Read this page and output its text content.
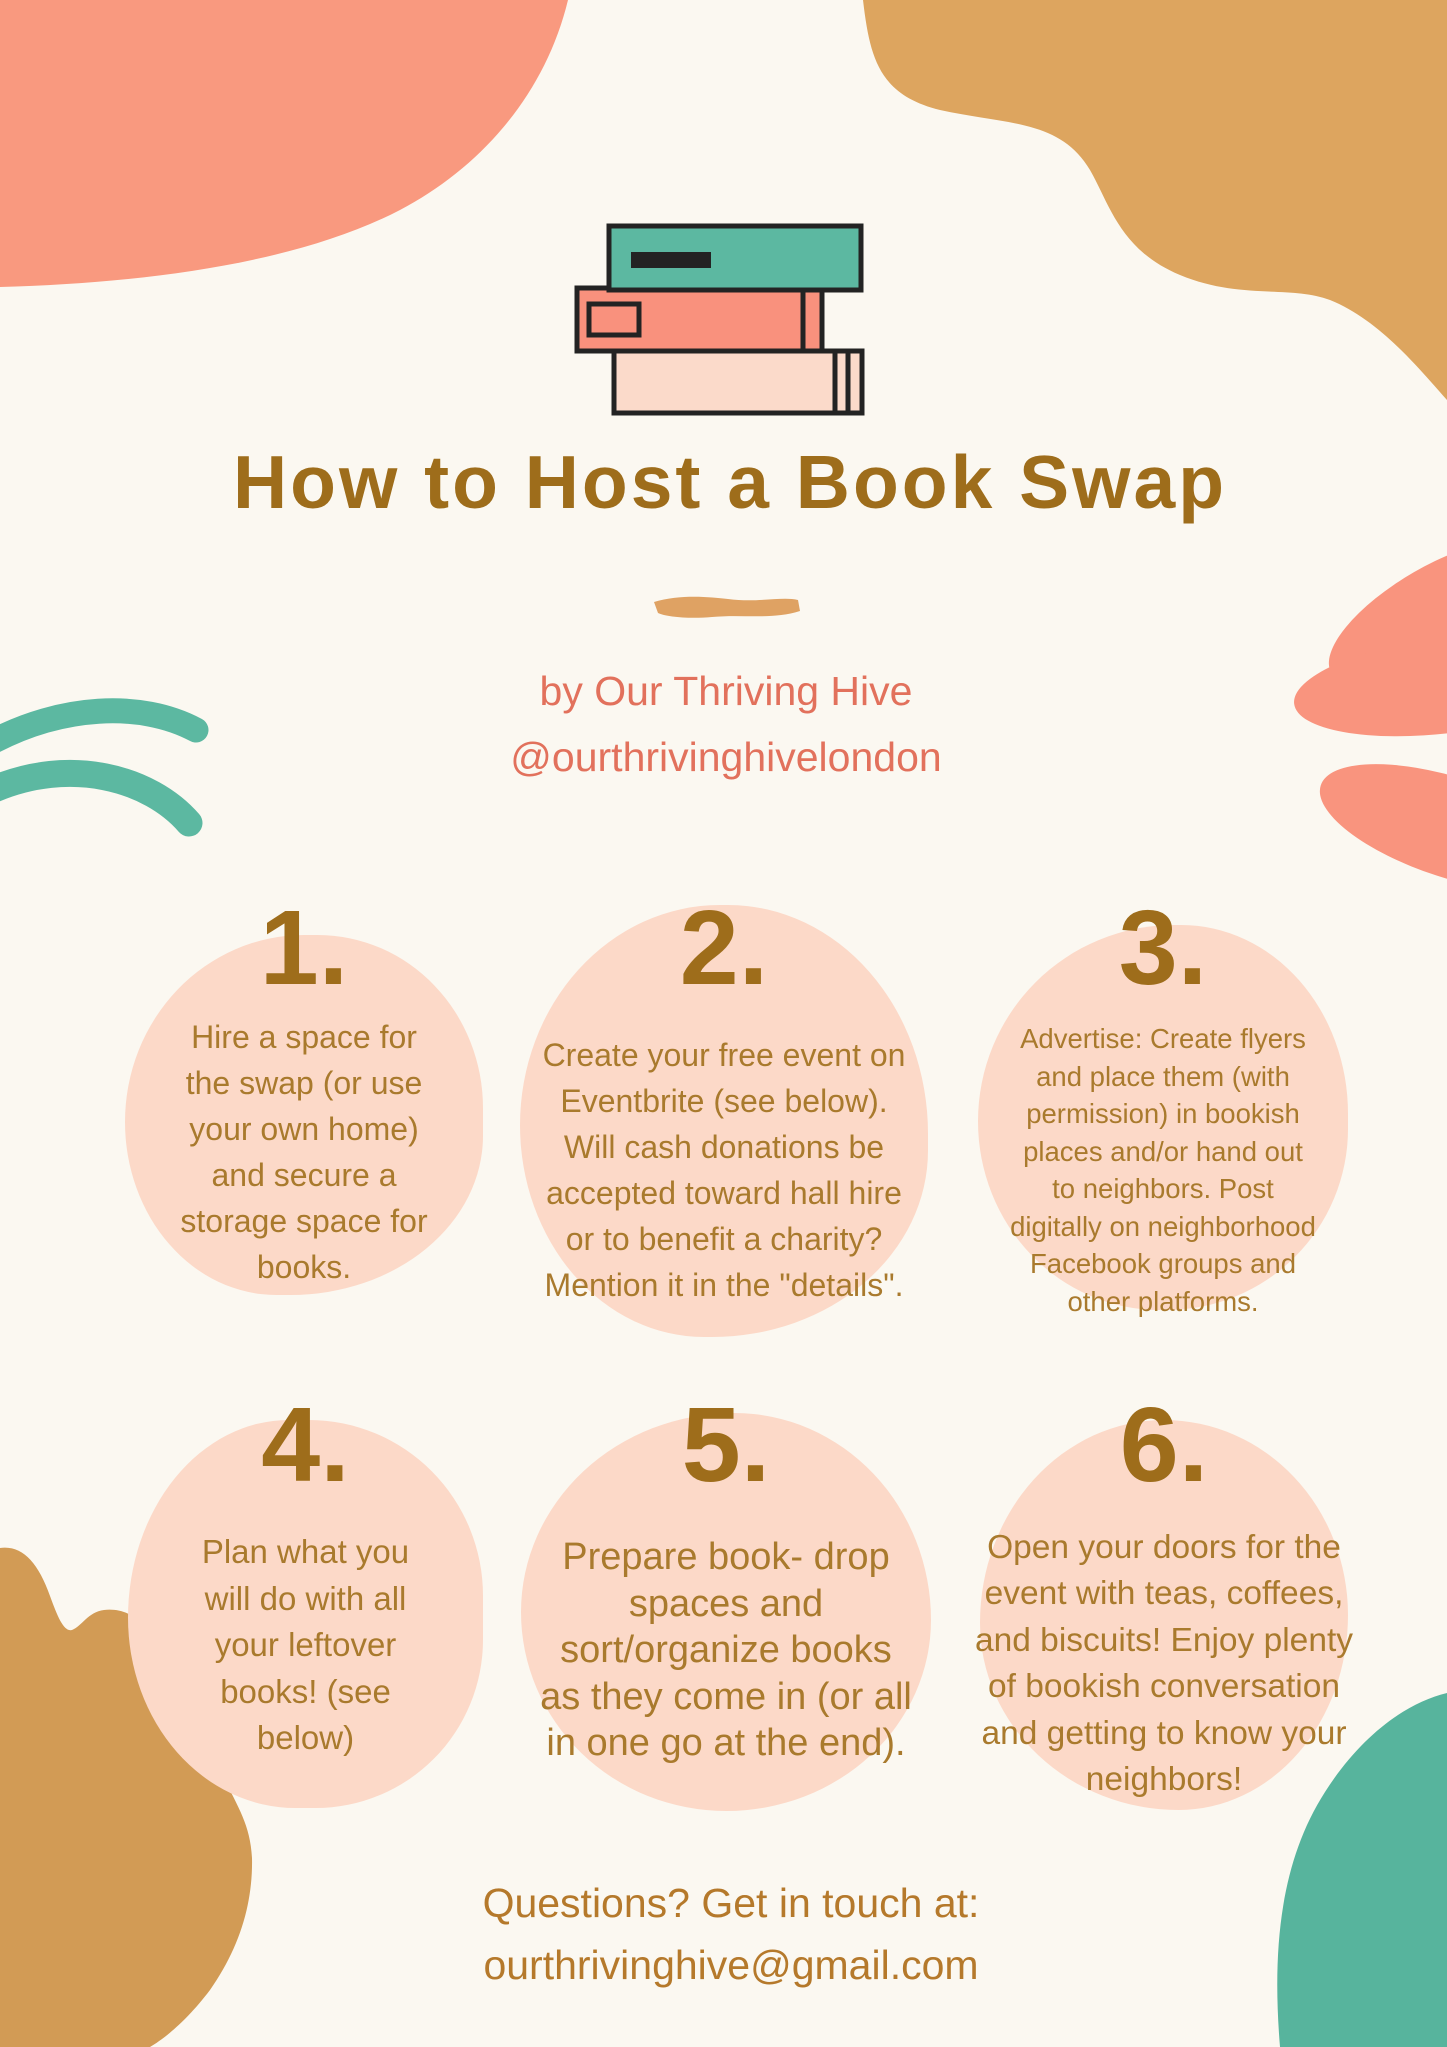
How to Host a Book Swap
by Our Thriving Hive
@ourthrivinghivelondon
1.
Hire a space for
the swap (or use
your own home)
and secure a
storage space for
books.
2.
Create your free event on
Eventbrite (see below).
Will cash donations be
accepted toward hall hire
or to benefit a charity?
Mention it in the "details".
3.
Advertise: Create flyers
and place them (with
permission) in bookish
places and/or hand out
to neighbors. Post
digitally on neighborhood
Facebook groups and
other platforms.
4.
Plan what you
will do with all
your leftover
books! (see
below)
5.
Prepare book- drop
spaces and
sort/organize books
as they come in (or all
in one go at the end).
6.
Open your doors for the
event with teas, coffees,
and biscuits! Enjoy plenty
of bookish conversation
and getting to know your
neighbors!
Questions? Get in touch at:
ourthrivinghive@gmail.com
